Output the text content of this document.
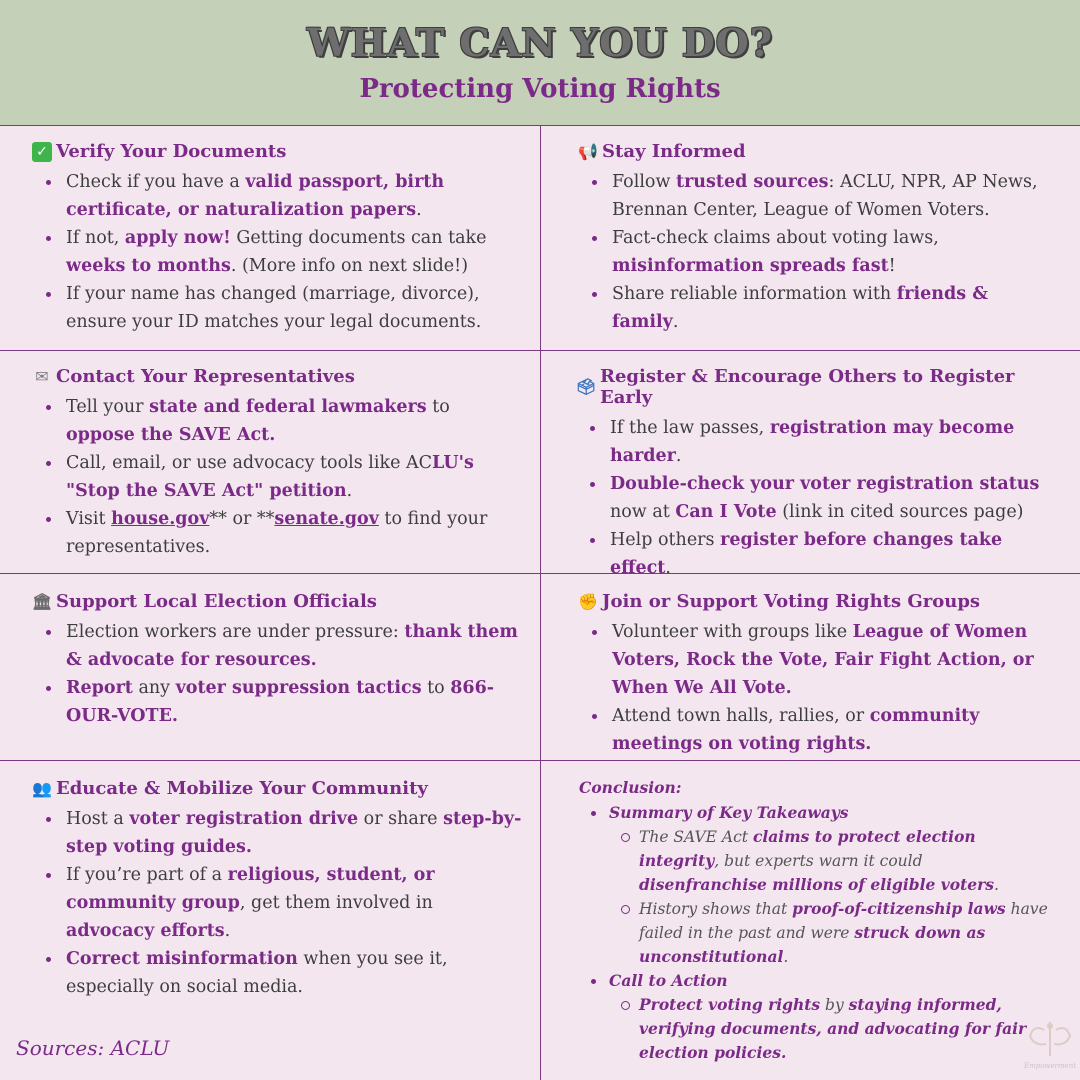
WHAT CAN YOU DO?
Protecting Voting Rights
✓ Verify Your Documents
Check if you have a valid passport, birth certificate, or naturalization papers.
If not, apply now! Getting documents can take weeks to months. (More info on next slide!)
If your name has changed (marriage, divorce), ensure your ID matches your legal documents.
📢 Stay Informed
Follow trusted sources: ACLU, NPR, AP News, Brennan Center, League of Women Voters.
Fact-check claims about voting laws, misinformation spreads fast!
Share reliable information with friends & family.
✉ Contact Your Representatives
Tell your state and federal lawmakers to oppose the SAVE Act.
Call, email, or use advocacy tools like ACLU's "Stop the SAVE Act" petition.
Visit house.gov** or **senate.gov to find your representatives.
🗳 Register & Encourage Others to Register Early
If the law passes, registration may become harder.
Double-check your voter registration status now at Can I Vote (link in cited sources page)
Help others register before changes take effect.
🏛 Support Local Election Officials
Election workers are under pressure: thank them & advocate for resources.
Report any voter suppression tactics to 866-OUR-VOTE.
✊ Join or Support Voting Rights Groups
Volunteer with groups like League of Women Voters, Rock the Vote, Fair Fight Action, or When We All Vote.
Attend town halls, rallies, or community meetings on voting rights.
👥 Educate & Mobilize Your Community
Host a voter registration drive or share step-by-step voting guides.
If you’re part of a religious, student, or community group, get them involved in advocacy efforts.
Correct misinformation when you see it, especially on social media.
Conclusion:
Summary of Key Takeaways
The SAVE Act claims to protect election integrity, but experts warn it could disenfranchise millions of eligible voters.
History shows that proof-of-citizenship laws have failed in the past and were struck down as unconstitutional.
Call to Action
Protect voting rights by staying informed, verifying documents, and advocating for fair election policies.
Sources: ACLU
Empowerment
